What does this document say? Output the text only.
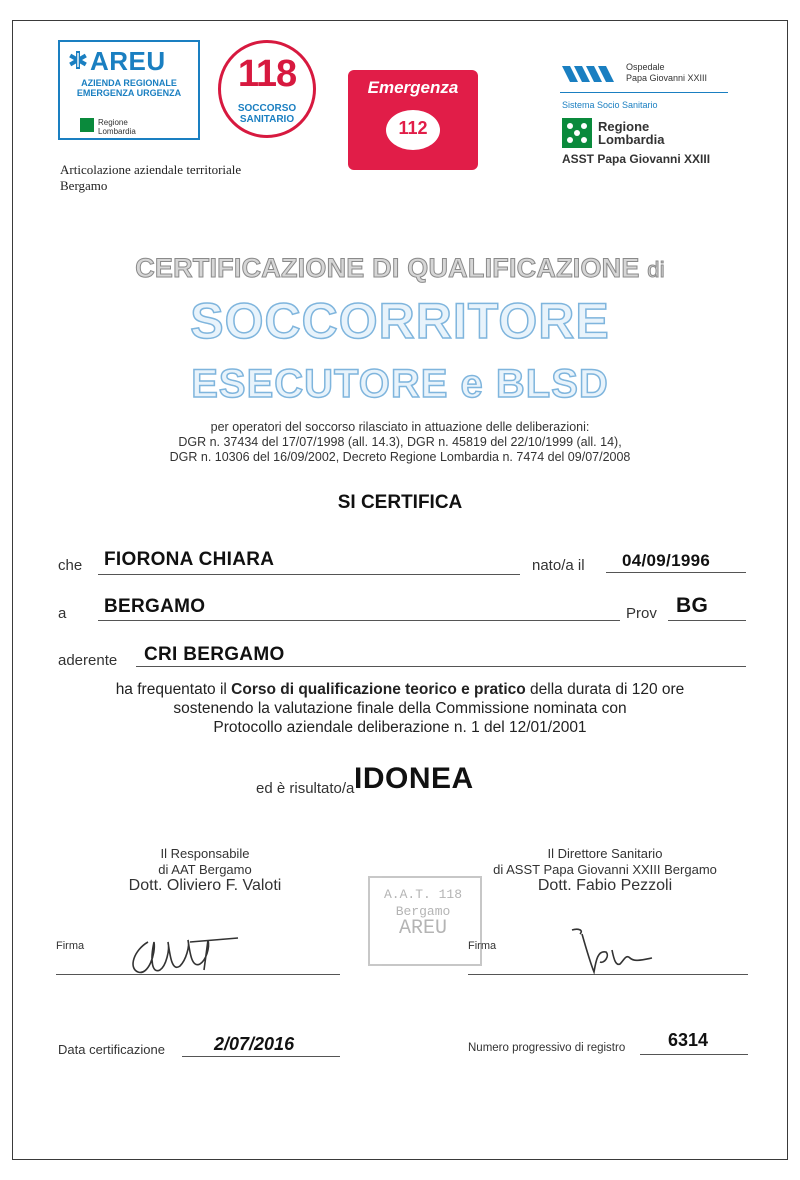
AREU
AZIENDA REGIONALE
EMERGENZA URGENZA
Regione
Lombardia
118
SOCCORSO
SANITARIO
Emergenza
112
Ospedale
Papa Giovanni XXIII
Sistema Socio Sanitario
Regione
Lombardia
ASST Papa Giovanni XXIII
Articolazione aziendale territoriale
Bergamo
CERTIFICAZIONE DI QUALIFICAZIONE di
SOCCORRITORE
ESECUTORE e BLSD
per operatori del soccorso rilasciato in attuazione delle deliberazioni:
DGR n. 37434 del 17/07/1998 (all. 14.3), DGR n. 45819 del 22/10/1999 (all. 14),
DGR n. 10306 del 16/09/2002, Decreto Regione Lombardia n. 7474 del 09/07/2008
SI CERTIFICA
che FIORONA CHIARA	nato/a il 04/09/1996
a BERGAMO	Prov BG
aderente CRI BERGAMO
ha frequentato il Corso di qualificazione teorico e pratico della durata di 120 ore
sostenendo la valutazione finale della Commissione nominata con
Protocollo aziendale deliberazione n. 1 del 12/01/2001
ed è risultato/a IDONEA
Il Responsabile
di AAT Bergamo
Dott. Oliviero F. Valoti
Il Direttore Sanitario
di ASST Papa Giovanni XXIII Bergamo
Dott. Fabio Pezzoli
A.A.T. 118
Bergamo
AREU
Firma	Firma
Data certificazione	2/07/2016	Numero progressivo di registro 6314
